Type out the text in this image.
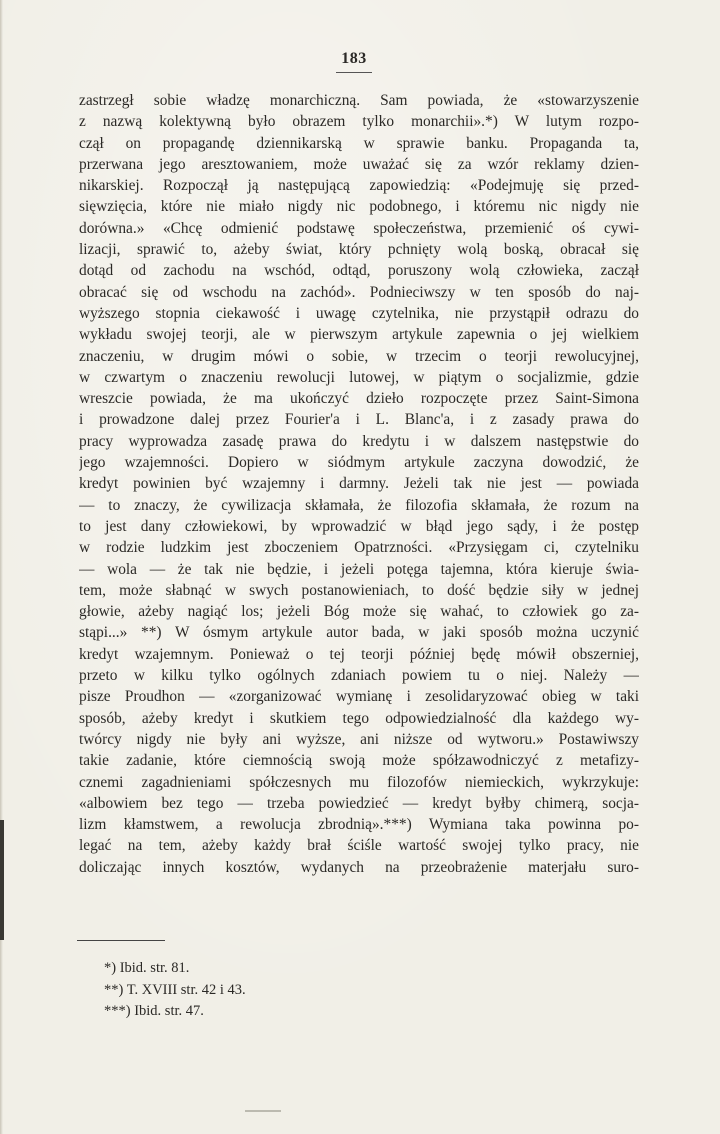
183
zastrzegł sobie władzę monarchiczną. Sam powiada, że «stowarzyszenie
z nazwą kolektywną było obrazem tylko monarchii».*) W lutym rozpo-
czął on propagandę dziennikarską w sprawie banku. Propaganda ta,
przerwana jego aresztowaniem, może uważać się za wzór reklamy dzien-
nikarskiej. Rozpoczął ją następującą zapowiedzią: «Podejmuję się przed-
sięwzięcia, które nie miało nigdy nic podobnego, i któremu nic nigdy nie
dorówna.» «Chcę odmienić podstawę społeczeństwa, przemienić oś cywi-
lizacji, sprawić to, ażeby świat, który pchnięty wolą boską, obracał się
dotąd od zachodu na wschód, odtąd, poruszony wolą człowieka, zaczął
obracać się od wschodu na zachód». Podnieciwszy w ten sposób do naj-
wyższego stopnia ciekawość i uwagę czytelnika, nie przystąpił odrazu do
wykładu swojej teorji, ale w pierwszym artykule zapewnia o jej wielkiem
znaczeniu, w drugim mówi o sobie, w trzecim o teorji rewolucyjnej,
w czwartym o znaczeniu rewolucji lutowej, w piątym o socjalizmie, gdzie
wreszcie powiada, że ma ukończyć dzieło rozpoczęte przez Saint-Simona
i prowadzone dalej przez Fourier'a i L. Blanc'a, i z zasady prawa do
pracy wyprowadza zasadę prawa do kredytu i w dalszem następstwie do
jego wzajemności. Dopiero w siódmym artykule zaczyna dowodzić, że
kredyt powinien być wzajemny i darmny. Jeżeli tak nie jest — powiada
— to znaczy, że cywilizacja skłamała, że filozofia skłamała, że rozum na
to jest dany człowiekowi, by wprowadzić w błąd jego sądy, i że postęp
w rodzie ludzkim jest zboczeniem Opatrzności. «Przysięgam ci, czytelniku
— wola — że tak nie będzie, i jeżeli potęga tajemna, która kieruje świa-
tem, może słabnąć w swych postanowieniach, to dość będzie siły w jednej
głowie, ażeby nagiąć los; jeżeli Bóg może się wahać, to człowiek go za-
stąpi...» **) W ósmym artykule autor bada, w jaki sposób można uczynić
kredyt wzajemnym. Ponieważ o tej teorji później będę mówił obszerniej,
przeto w kilku tylko ogólnych zdaniach powiem tu o niej. Należy —
pisze Proudhon — «zorganizować wymianę i zesolidaryzować obieg w taki
sposób, ażeby kredyt i skutkiem tego odpowiedzialność dla każdego wy-
twórcy nigdy nie były ani wyższe, ani niższe od wytworu.» Postawiwszy
takie zadanie, które ciemnością swoją może spółzawodniczyć z metafizy-
cznemi zagadnieniami spółczesnych mu filozofów niemieckich, wykrzykuje:
«albowiem bez tego — trzeba powiedzieć — kredyt byłby chimerą, socja-
lizm kłamstwem, a rewolucja zbrodnią».***) Wymiana taka powinna po-
legać na tem, ażeby każdy brał ściśle wartość swojej tylko pracy, nie
doliczając innych kosztów, wydanych na przeobrażenie materjału suro-
*) Ibid. str. 81.
**) T. XVIII str. 42 i 43.
***) Ibid. str. 47.
